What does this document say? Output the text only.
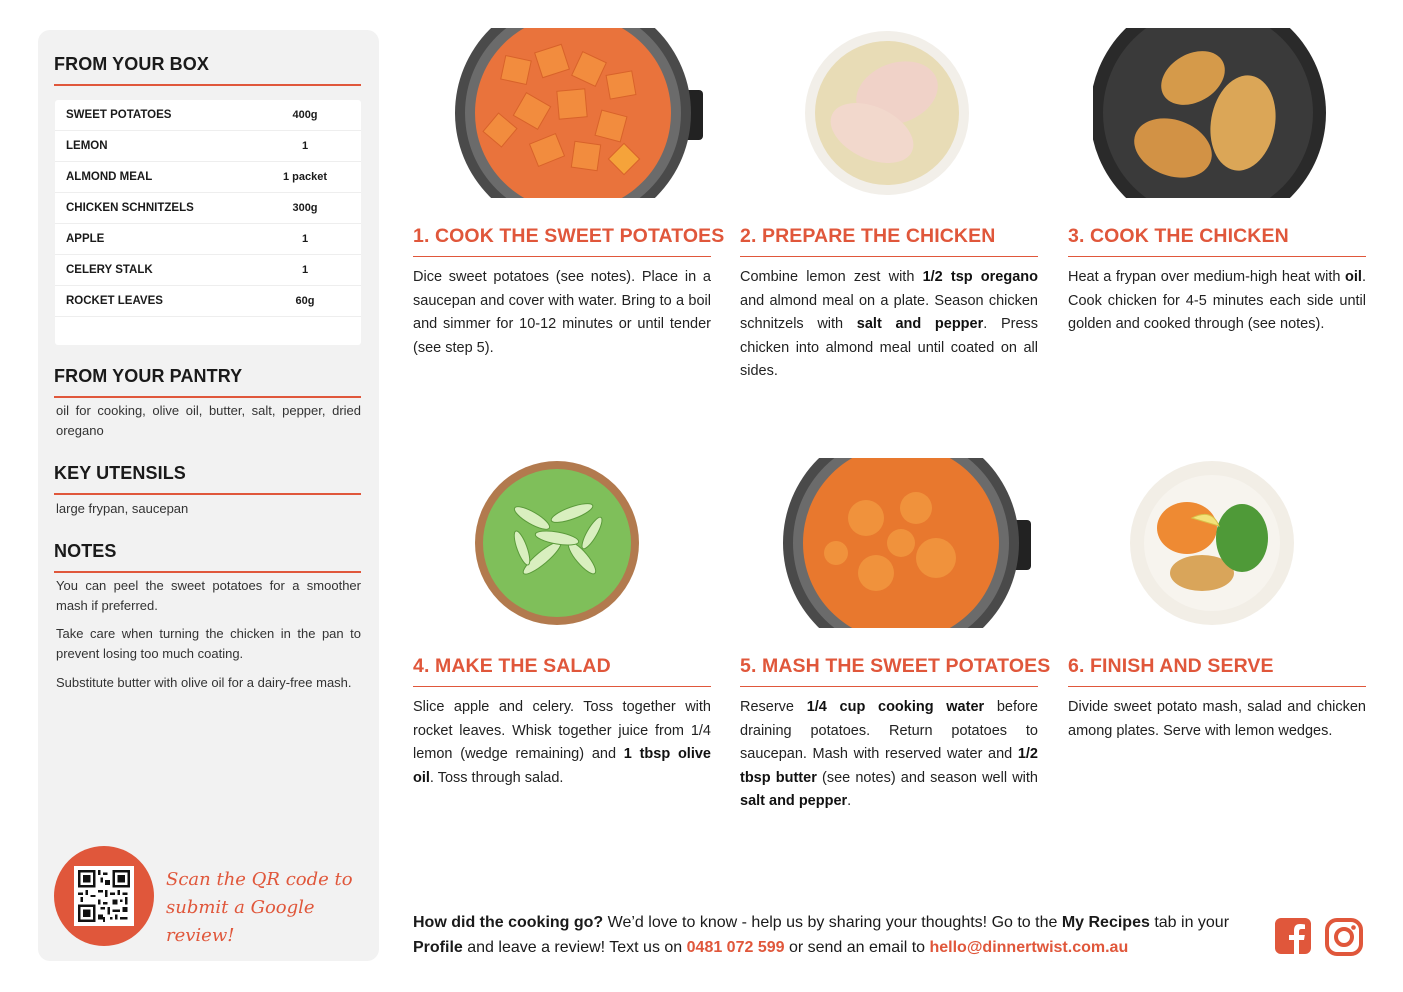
FROM YOUR BOX
SWEET POTATOES	400g
LEMON	1
ALMOND MEAL	1 packet
CHICKEN SCHNITZELS	300g
APPLE	1
CELERY STALK	1
ROCKET LEAVES	60g
FROM YOUR PANTRY
oil for cooking, olive oil, butter, salt, pepper, dried oregano
KEY UTENSILS
large frypan, saucepan
NOTES
You can peel the sweet potatoes for a smoother mash if preferred.
Take care when turning the chicken in the pan to prevent losing too much coating.
Substitute butter with olive oil for a dairy-free mash.
Scan the QR code to
submit a Google review!
1. COOK THE SWEET POTATOES
Dice sweet potatoes (see notes). Place in a saucepan and cover with water. Bring to a boil and simmer for 10-12 minutes or until tender (see step 5).
2. PREPARE THE CHICKEN
Combine lemon zest with 1/2 tsp oregano and almond meal on a plate. Season chicken schnitzels with salt and pepper. Press chicken into almond meal until coated on all sides.
3. COOK THE CHICKEN
Heat a frypan over medium-high heat with oil. Cook chicken for 4-5 minutes each side until golden and cooked through (see notes).
4. MAKE THE SALAD
Slice apple and celery. Toss together with rocket leaves. Whisk together juice from 1/4 lemon (wedge remaining) and 1 tbsp olive oil. Toss through salad.
5. MASH THE SWEET POTATOES
Reserve 1/4 cup cooking water before draining potatoes. Return potatoes to saucepan. Mash with reserved water and 1/2 tbsp butter (see notes) and season well with salt and pepper.
6. FINISH AND SERVE
Divide sweet potato mash, salad and chicken among plates. Serve with lemon wedges.
How did the cooking go? We’d love to know - help us by sharing your thoughts! Go to the My Recipes tab in your Profile and leave a review! Text us on 0481 072 599 or send an email to hello@dinnertwist.com.au
